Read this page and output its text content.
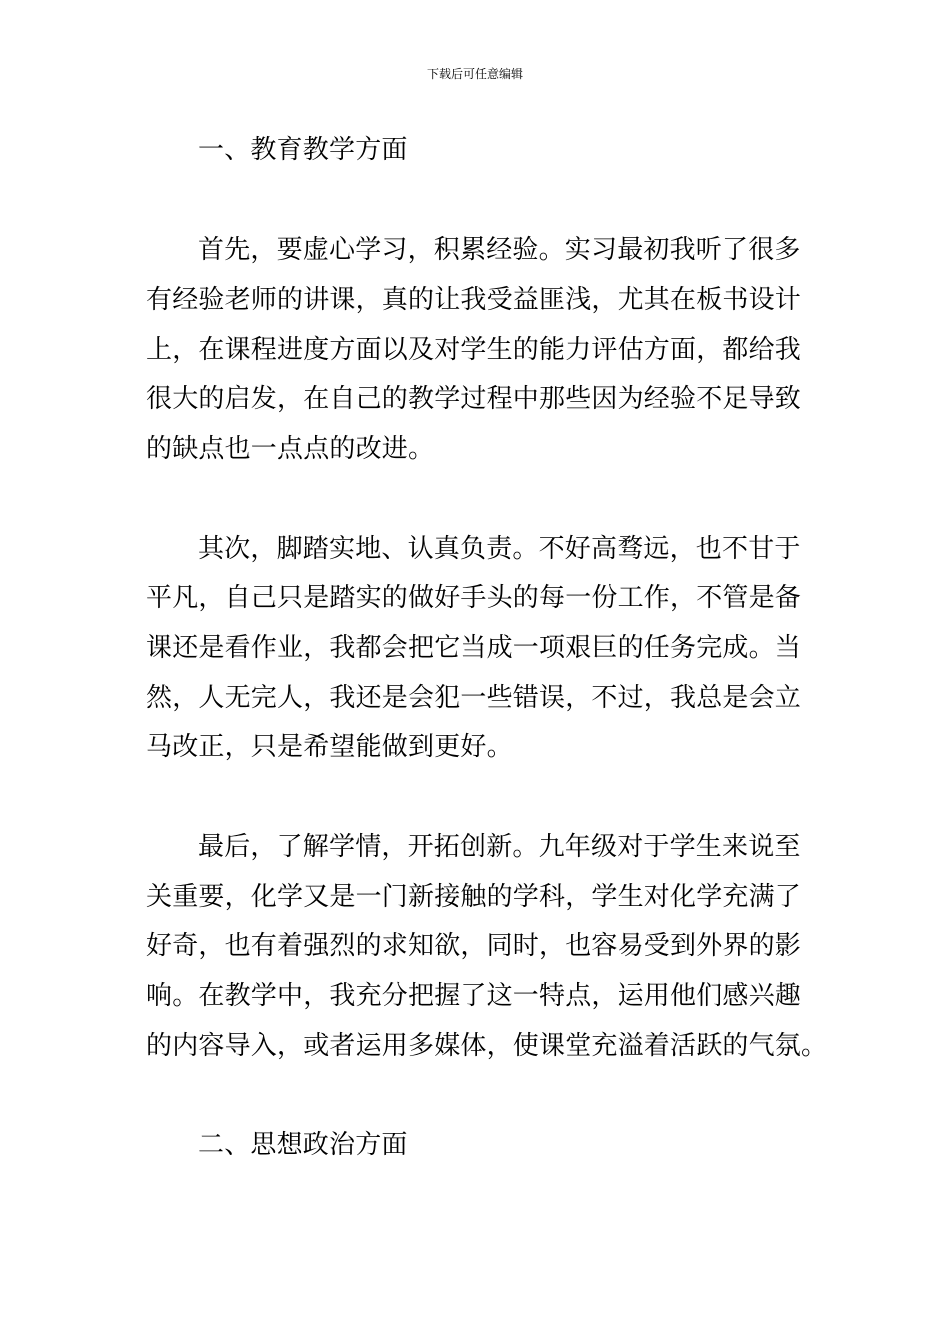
下载后可任意编辑
一、教育教学方面
首先，要虚心学习，积累经验。实习最初我听了很多
有经验老师的讲课，真的让我受益匪浅，尤其在板书设计
上，在课程进度方面以及对学生的能力评估方面，都给我
很大的启发，在自己的教学过程中那些因为经验不足导致
的缺点也一点点的改进。
其次，脚踏实地、认真负责。不好高骛远，也不甘于
平凡，自己只是踏实的做好手头的每一份工作，不管是备
课还是看作业，我都会把它当成一项艰巨的任务完成。当
然，人无完人，我还是会犯一些错误，不过，我总是会立
马改正，只是希望能做到更好。
最后，了解学情，开拓创新。九年级对于学生来说至
关重要，化学又是一门新接触的学科，学生对化学充满了
好奇，也有着强烈的求知欲，同时，也容易受到外界的影
响。在教学中，我充分把握了这一特点，运用他们感兴趣
的内容导入，或者运用多媒体，使课堂充溢着活跃的气氛。
二、思想政治方面
